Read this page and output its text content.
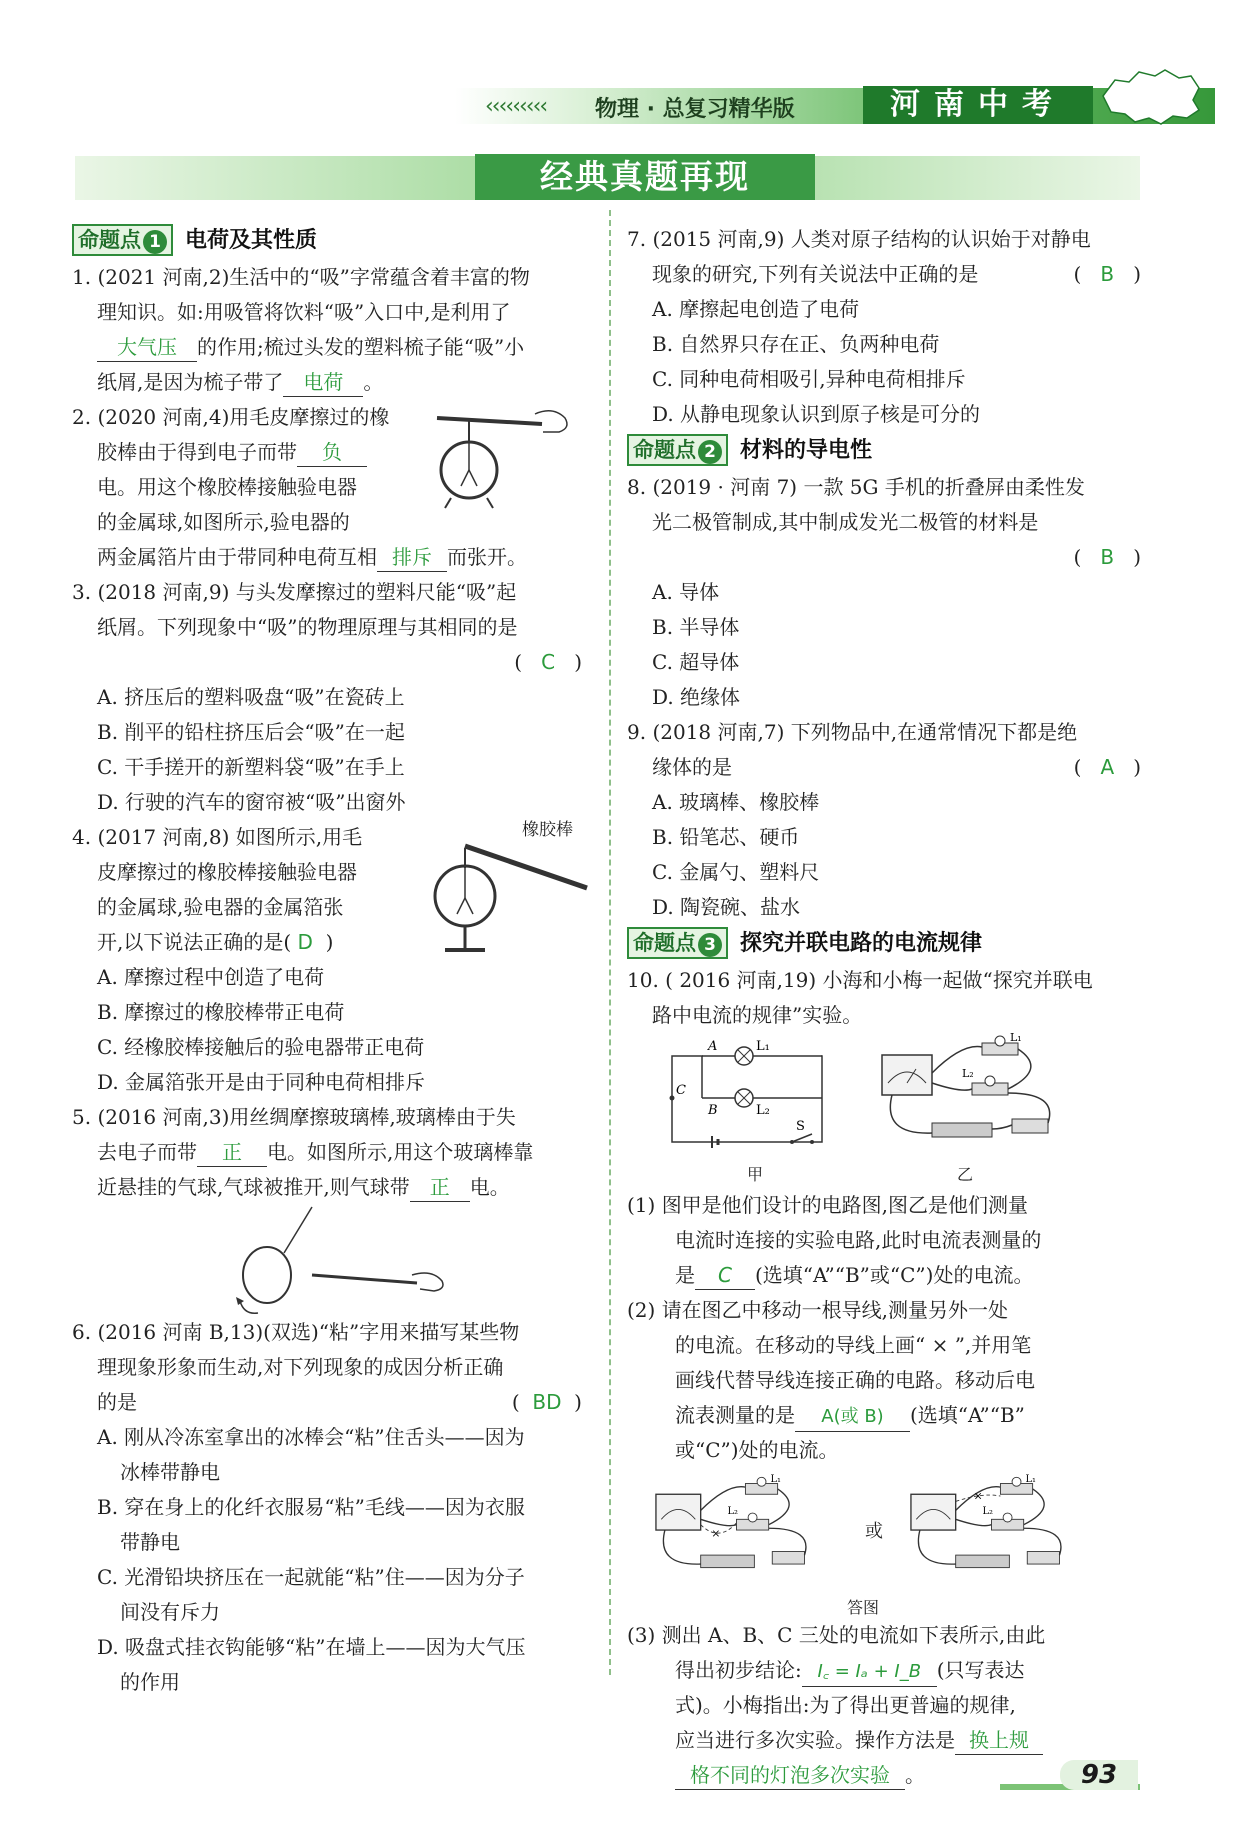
‹‹‹‹‹‹‹‹‹ 物理 · 总复习精华版	河南中考
经典真题再现
命题点 1 电荷及其性质

1. (2021 河南,2)生活中的“吸”字常蕴含着丰富的物

理知识。如:用吸管将饮料“吸”入口中,是利用了

大气压 的作用;梳过头发的塑料梳子能“吸”小

纸屑,是因为梳子带了 电荷 。

2. (2020 河南,4)用毛皮摩擦过的橡

胶棒由于得到电子而带 负

电。用这个橡胶棒接触验电器

的金属球,如图所示,验电器的

两金属箔片由于带同种电荷互相 排斥 而张开。

3. (2018 河南,9) 与头发摩擦过的塑料尺能“吸”起

纸屑。下列现象中“吸”的物理原理与其相同的是

(   C   )

A. 挤压后的塑料吸盘“吸”在瓷砖上

B. 削平的铅柱挤压后会“吸”在一起

C. 干手搓开的新塑料袋“吸”在手上

D. 行驶的汽车的窗帘被“吸”出窗外

4. (2017 河南,8) 如图所示,用毛

皮摩擦过的橡胶棒接触验电器

的金属球,验电器的金属箔张

开,以下说法正确的是( D )

A. 摩擦过程中创造了电荷

B. 摩擦过的橡胶棒带正电荷

C. 经橡胶棒接触后的验电器带正电荷

D. 金属箔张开是由于同种电荷相排斥

橡胶棒

5. (2016 河南,3)用丝绸摩擦玻璃棒,玻璃棒由于失

去电子而带 正 电。如图所示,用这个玻璃棒靠

近悬挂的气球,气球被推开,则气球带 正 电。

6. (2016 河南 B,13)(双选)“粘”字用来描写某些物

理现象形象而生动,对下列现象的成因分析正确

的是	(  BD  )

A. 刚从冷冻室拿出的冰棒会“粘”住舌头——因为

冰棒带静电

B. 穿在身上的化纤衣服易“粘”毛线——因为衣服

带静电

C. 光滑铅块挤压在一起就能“粘”住——因为分子

间没有斥力

D. 吸盘式挂衣钩能够“粘”在墙上——因为大气压

的作用

7. (2015 河南,9) 人类对原子结构的认识始于对静电

现象的研究,下列有关说法中正确的是	(   B   )

A. 摩擦起电创造了电荷

B. 自然界只存在正、负两种电荷

C. 同种电荷相吸引,异种电荷相排斥

D. 从静电现象认识到原子核是可分的

命题点 2 材料的导电性

8. (2019 · 河南 7) 一款 5G 手机的折叠屏由柔性发

光二极管制成,其中制成发光二极管的材料是

(   B   )

A. 导体B. 半导体

C. 超导体D. 绝缘体

9. (2018 河南,7) 下列物品中,在通常情况下都是绝

缘体的是	(   A   )

A. 玻璃棒、橡胶棒B. 铅笔芯、硬币

C. 金属勺、塑料尺D. 陶瓷碗、盐水

命题点 3 探究并联电路的电流规律

10. ( 2016 河南,19) 小海和小梅一起做“探究并联电

路中电流的规律”实验。

A	L₁
C
B	L₂
S
L₁
L₂
甲	乙

(1) 图甲是他们设计的电路图,图乙是他们测量

电流时连接的实验电路,此时电流表测量的

是 C (选填“A”“B”或“C”)处的电流。

(2) 请在图乙中移动一根导线,测量另外一处

的电流。在移动的导线上画“ × ”,并用笔

画线代替导线连接正确的电路。移动后电

流表测量的是 A(或 B) (选填“A”“B”

或“C”)处的电流。

×
L₁
L₂
或
×
L₁
L₂
答图

(3) 测出 A、B、C 三处的电流如下表所示,由此

得出初步结论: I꜀ = Iₐ + I_B (只写表达

式)。小梅指出:为了得出更普遍的规律,

应当进行多次实验。操作方法是 换上规

格不同的灯泡多次实验 。	93
